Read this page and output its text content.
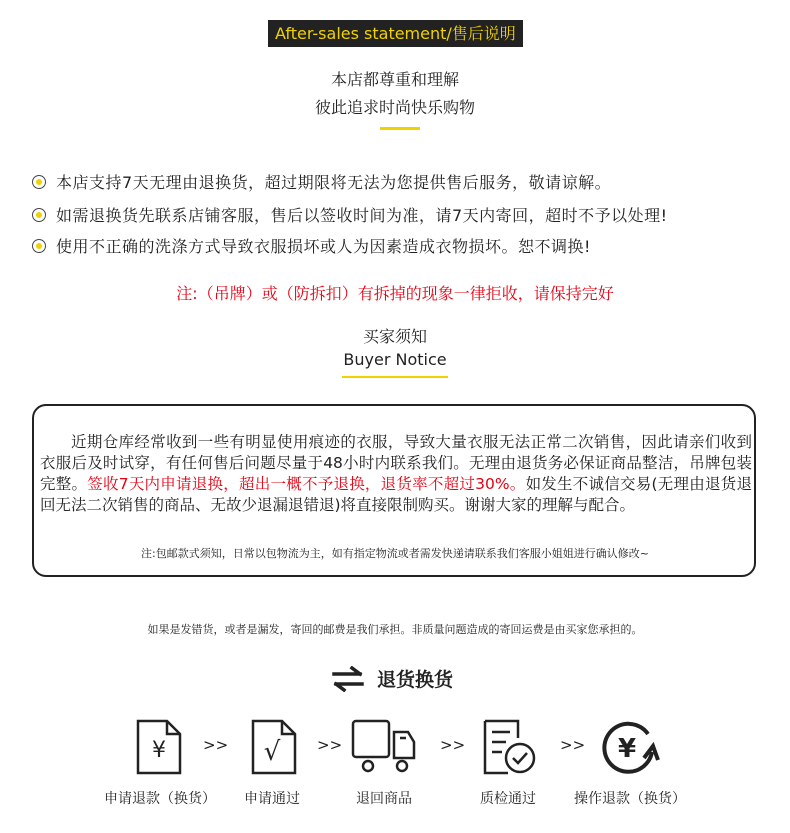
After-sales statement/售后说明
本店都尊重和理解
彼此追求时尚快乐购物
本店支持7天无理由退换货，超过期限将无法为您提供售后服务，敬请谅解。
如需退换货先联系店铺客服，售后以签收时间为准，请7天内寄回，超时不予以处理!
使用不正确的洗涤方式导致衣服损坏或人为因素造成衣物损坏。恕不调换!
注:（吊牌）或（防拆扣）有拆掉的现象一律拒收，请保持完好
买家须知
Buyer Notice
近期仓库经常收到一些有明显使用痕迹的衣服，导致大量衣服无法正常二次销售，因此请亲们收到衣服后及时试穿，有任何售后问题尽量于48小时内联系我们。无理由退货务必保证商品整洁，吊牌包装完整。签收7天内申请退换，超出一概不予退换，退货率不超过30%。如发生不诚信交易(无理由退货退回无法二次销售的商品、无故少退漏退错退)将直接限制购买。谢谢大家的理解与配合。
注:包邮款式须知，日常以包物流为主，如有指定物流或者需发快递请联系我们客服小姐姐进行确认修改~
如果是发错货，或者是漏发，寄回的邮费是我们承担。非质量问题造成的寄回运费是由买家您承担的。
退货换货
¥ >> √ >>	>>	>> ¥
申请退款（换货）	申请通过	退回商品	质检通过	操作退款（换货）
